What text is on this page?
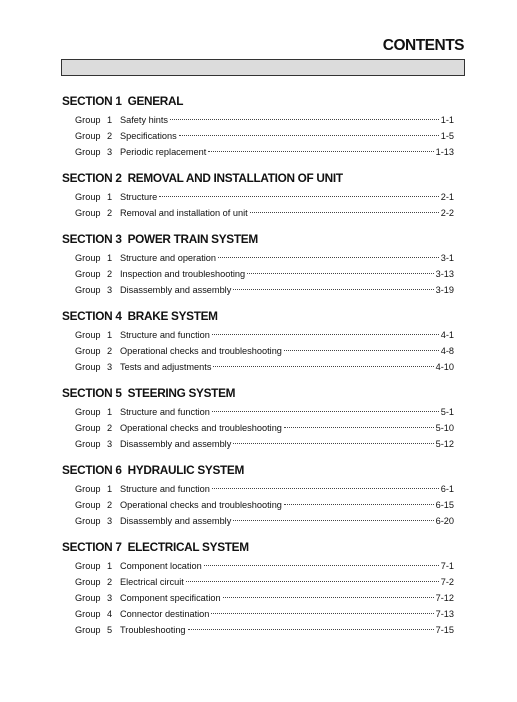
CONTENTS
SECTION 1 GENERAL
Group 1 Safety hints	1-1
Group 2 Specifications	1-5
Group 3 Periodic replacement	1-13
SECTION 2 REMOVAL AND INSTALLATION OF UNIT
Group 1 Structure	2-1
Group 2 Removal and installation of unit	2-2
SECTION 3 POWER TRAIN SYSTEM
Group 1 Structure and operation	3-1
Group 2 Inspection and troubleshooting	3-13
Group 3 Disassembly and assembly	3-19
SECTION 4 BRAKE SYSTEM
Group 1 Structure and function	4-1
Group 2 Operational checks and troubleshooting	4-8
Group 3 Tests and adjustments	4-10
SECTION 5 STEERING SYSTEM
Group 1 Structure and function	5-1
Group 2 Operational checks and troubleshooting	5-10
Group 3 Disassembly and assembly	5-12
SECTION 6 HYDRAULIC SYSTEM
Group 1 Structure and function	6-1
Group 2 Operational checks and troubleshooting	6-15
Group 3 Disassembly and assembly	6-20
SECTION 7 ELECTRICAL SYSTEM
Group 1 Component location	7-1
Group 2 Electrical circuit	7-2
Group 3 Component specification	7-12
Group 4 Connector destination	7-13
Group 5 Troubleshooting	7-15
